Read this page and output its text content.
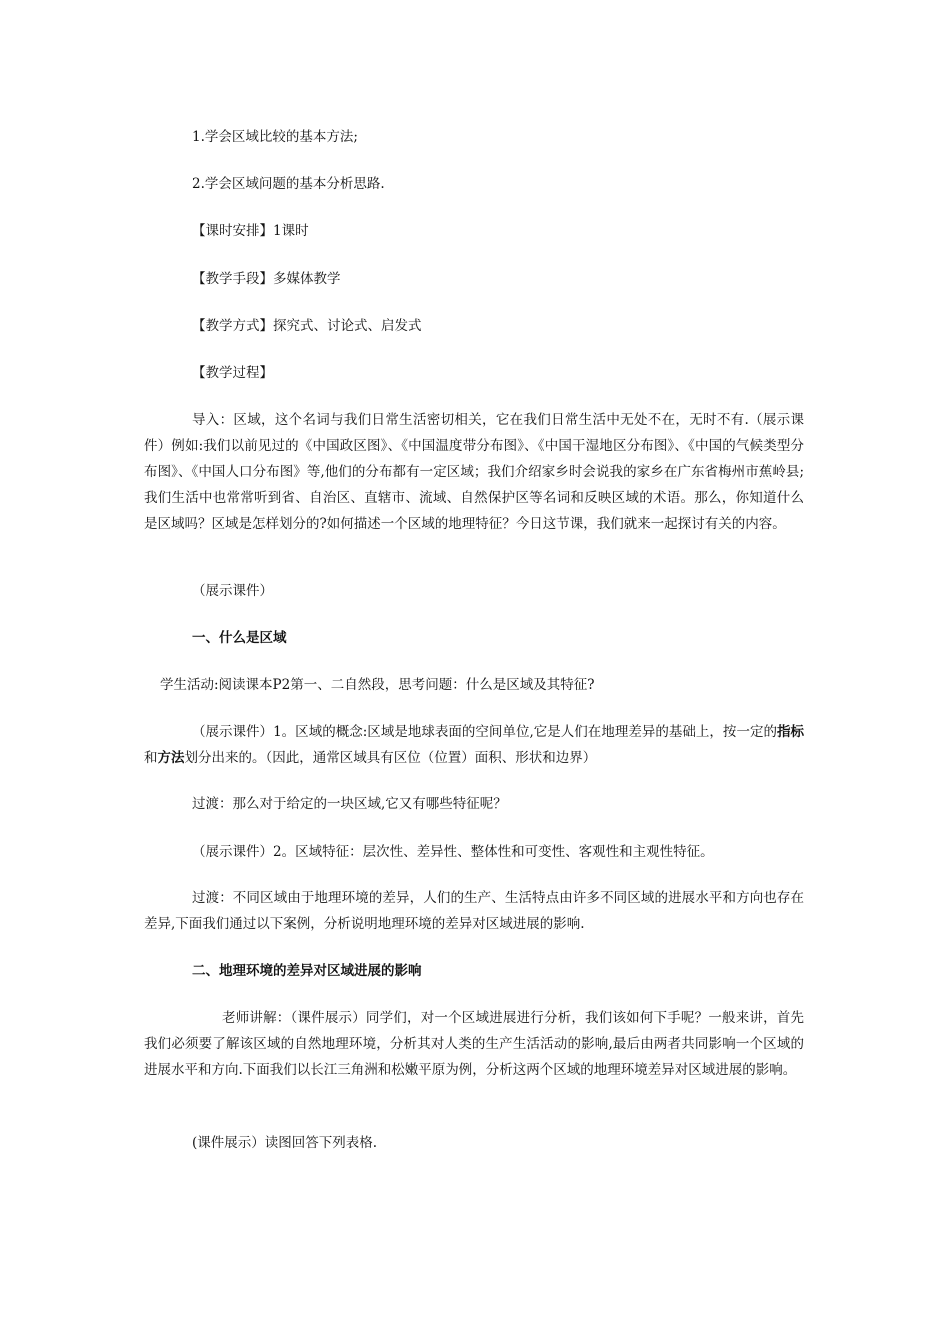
1.学会区域比较的基本方法;
2.学会区域问题的基本分析思路.
【课时安排】1课时
【教学手段】多媒体教学
【教学方式】探究式、讨论式、启发式
【教学过程】
导入：区域，这个名词与我们日常生活密切相关，它在我们日常生活中无处不在，无时不有.（展示课件）例如:我们以前见过的《中国政区图》、《中国温度带分布图》、《中国干湿地区分布图》、《中国的气候类型分布图》、《中国人口分布图》等,他们的分布都有一定区域；我们介绍家乡时会说我的家乡在广东省梅州市蕉岭县;我们生活中也常常听到省、自治区、直辖市、流域、自然保护区等名词和反映区域的术语。那么，你知道什么是区域吗？区域是怎样划分的?如何描述一个区域的地理特征？今日这节课，我们就来一起探讨有关的内容。
（展示课件）
一、什么是区域
学生活动:阅读课本P2第一、二自然段，思考问题：什么是区域及其特征?
（展示课件）1。区域的概念:区域是地球表面的空间单位,它是人们在地理差异的基础上，按一定的指标和方法划分出来的。（因此，通常区域具有区位（位置）面积、形状和边界）
过渡：那么对于给定的一块区域,它又有哪些特征呢？
（展示课件）2。区域特征：层次性、差异性、整体性和可变性、客观性和主观性特征。
过渡：不同区域由于地理环境的差异，人们的生产、生活特点由许多不同区域的进展水平和方向也存在差异,下面我们通过以下案例，分析说明地理环境的差异对区域进展的影响.
二、地理环境的差异对区域进展的影响
老师讲解：（课件展示）同学们，对一个区域进展进行分析，我们该如何下手呢？一般来讲，首先我们必须要了解该区域的自然地理环境，分析其对人类的生产生活活动的影响,最后由两者共同影响一个区域的进展水平和方向.下面我们以长江三角洲和松嫩平原为例，分析这两个区域的地理环境差异对区域进展的影响。
(课件展示）读图回答下列表格.
